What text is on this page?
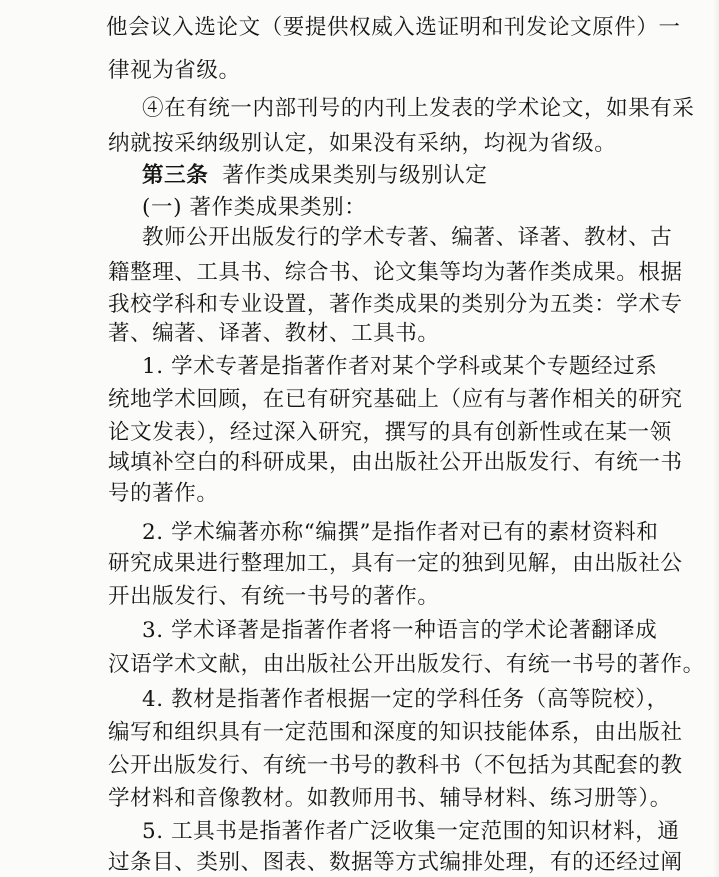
他会议入选论文（要提供权威入选证明和刊发论文原件）一
律视为省级。
④在有统一内部刊号的内刊上发表的学术论文，如果有采
纳就按采纳级别认定，如果没有采纳，均视为省级。
第三条 著作类成果类别与级别认定
(一) 著作类成果类别：
教师公开出版发行的学术专著、编著、译著、教材、古
籍整理、工具书、综合书、论文集等均为著作类成果。根据
我校学科和专业设置，著作类成果的类别分为五类：学术专
著、编著、译著、教材、工具书。
1. 学术专著是指著作者对某个学科或某个专题经过系
统地学术回顾，在已有研究基础上（应有与著作相关的研究
论文发表），经过深入研究，撰写的具有创新性或在某一领
域填补空白的科研成果，由出版社公开出版发行、有统一书
号的著作。
2. 学术编著亦称“编撰”是指作者对已有的素材资料和
研究成果进行整理加工，具有一定的独到见解，由出版社公
开出版发行、有统一书号的著作。
3. 学术译著是指著作者将一种语言的学术论著翻译成
汉语学术文献，由出版社公开出版发行、有统一书号的著作。
4. 教材是指著作者根据一定的学科任务（高等院校），
编写和组织具有一定范围和深度的知识技能体系，由出版社
公开出版发行、有统一书号的教科书（不包括为其配套的教
学材料和音像教材。如教师用书、辅导材料、练习册等）。
5. 工具书是指著作者广泛收集一定范围的知识材料，通
过条目、类别、图表、数据等方式编排处理，有的还经过阐
